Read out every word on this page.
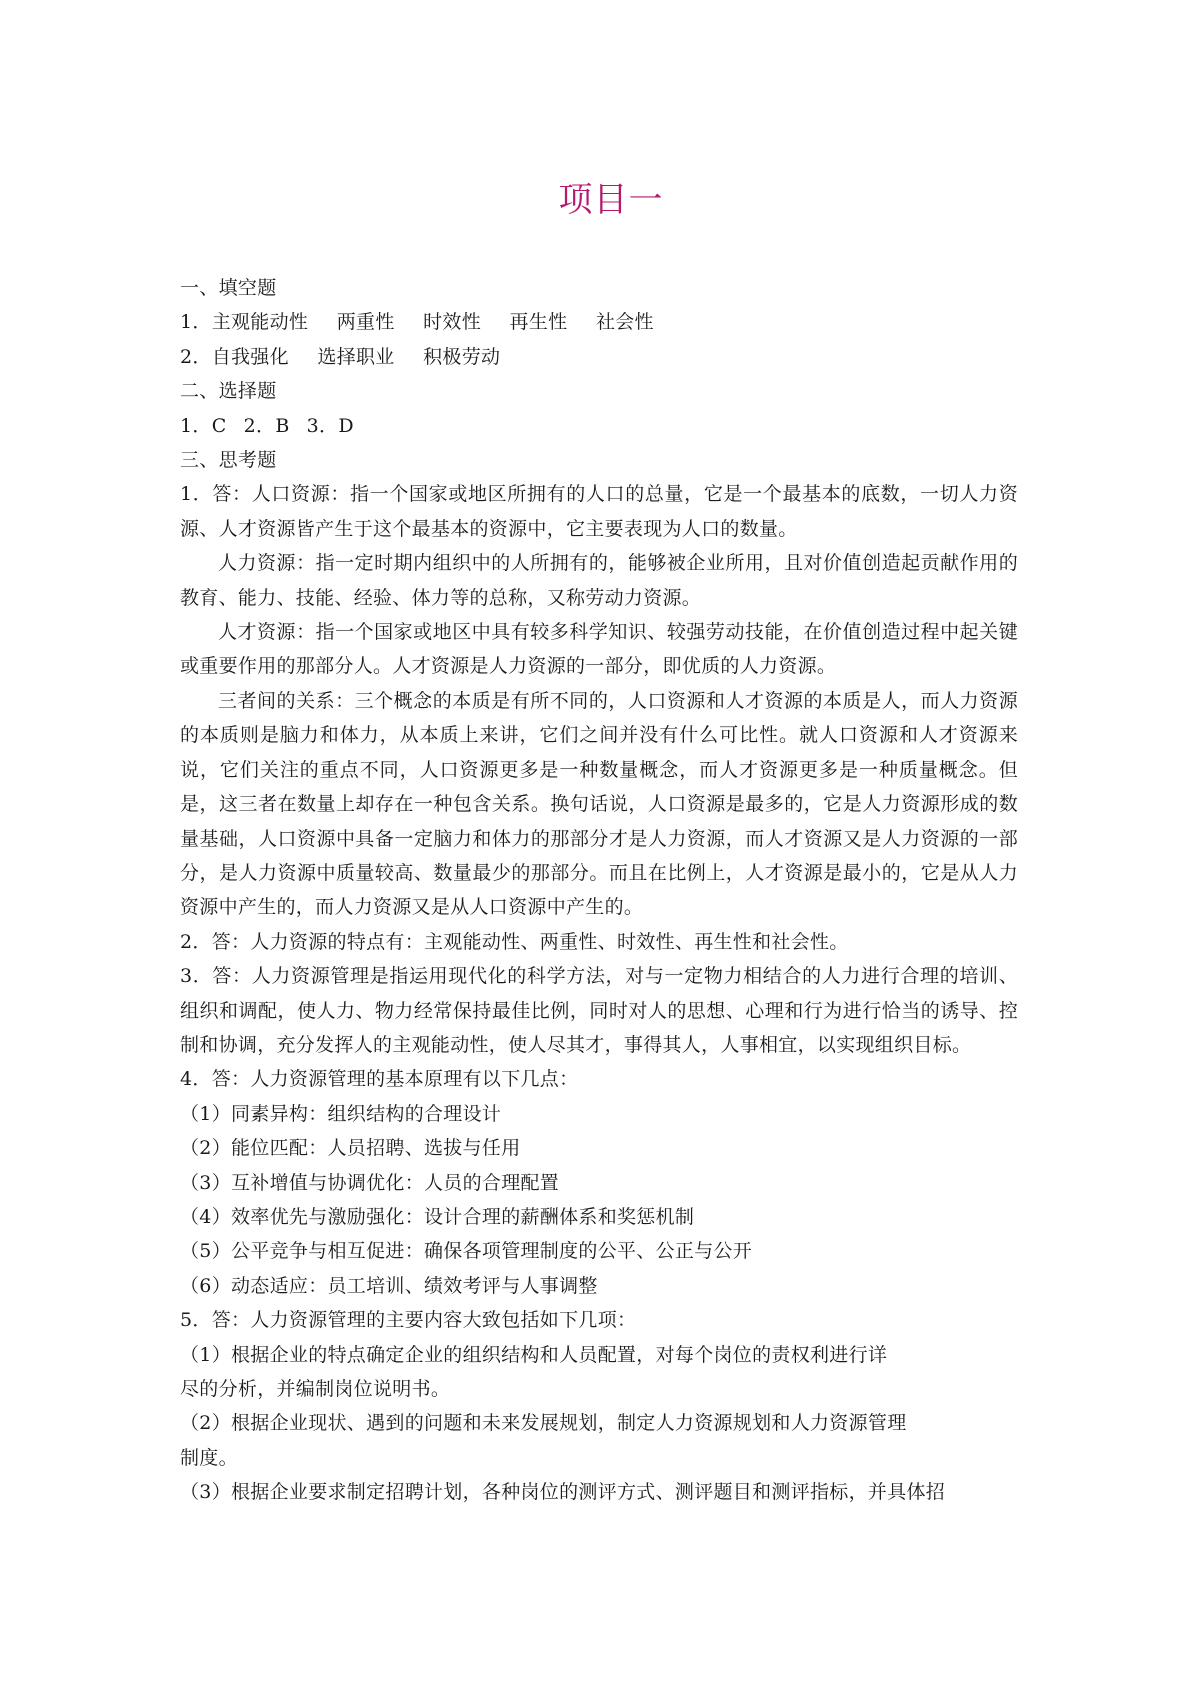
项目一

一、填空题

1．主观能动性 两重性 时效性 再生性 社会性

2．自我强化 选择职业 积极劳动

二、选择题

1．C 2．B 3．D

三、思考题

1．答：人口资源：指一个国家或地区所拥有的人口的总量，它是一个最基本的底数，一切人力资源、人才资源皆产生于这个最基本的资源中，它主要表现为人口的数量。

人力资源：指一定时期内组织中的人所拥有的，能够被企业所用，且对价值创造起贡献作用的教育、能力、技能、经验、体力等的总称，又称劳动力资源。

人才资源：指一个国家或地区中具有较多科学知识、较强劳动技能，在价值创造过程中起关键或重要作用的那部分人。人才资源是人力资源的一部分，即优质的人力资源。

三者间的关系：三个概念的本质是有所不同的，人口资源和人才资源的本质是人，而人力资源的本质则是脑力和体力，从本质上来讲，它们之间并没有什么可比性。就人口资源和人才资源来说，它们关注的重点不同，人口资源更多是一种数量概念，而人才资源更多是一种质量概念。但是，这三者在数量上却存在一种包含关系。换句话说，人口资源是最多的，它是人力资源形成的数量基础，人口资源中具备一定脑力和体力的那部分才是人力资源，而人才资源又是人力资源的一部分，是人力资源中质量较高、数量最少的那部分。而且在比例上，人才资源是最小的，它是从人力资源中产生的，而人力资源又是从人口资源中产生的。

2．答：人力资源的特点有：主观能动性、两重性、时效性、再生性和社会性。

3．答：人力资源管理是指运用现代化的科学方法，对与一定物力相结合的人力进行合理的培训、组织和调配，使人力、物力经常保持最佳比例，同时对人的思想、心理和行为进行恰当的诱导、控制和协调，充分发挥人的主观能动性，使人尽其才，事得其人，人事相宜，以实现组织目标。

4．答：人力资源管理的基本原理有以下几点：

（1）同素异构：组织结构的合理设计

（2）能位匹配：人员招聘、选拔与任用

（3）互补增值与协调优化：人员的合理配置

（4）效率优先与激励强化：设计合理的薪酬体系和奖惩机制

（5）公平竞争与相互促进：确保各项管理制度的公平、公正与公开

（6）动态适应：员工培训、绩效考评与人事调整

5．答：人力资源管理的主要内容大致包括如下几项：

（1）根据企业的特点确定企业的组织结构和人员配置，对每个岗位的责权利进行详

尽的分析，并编制岗位说明书。

（2）根据企业现状、遇到的问题和未来发展规划，制定人力资源规划和人力资源管理

制度。

（3）根据企业要求制定招聘计划，各种岗位的测评方式、测评题目和测评指标，并具体招
